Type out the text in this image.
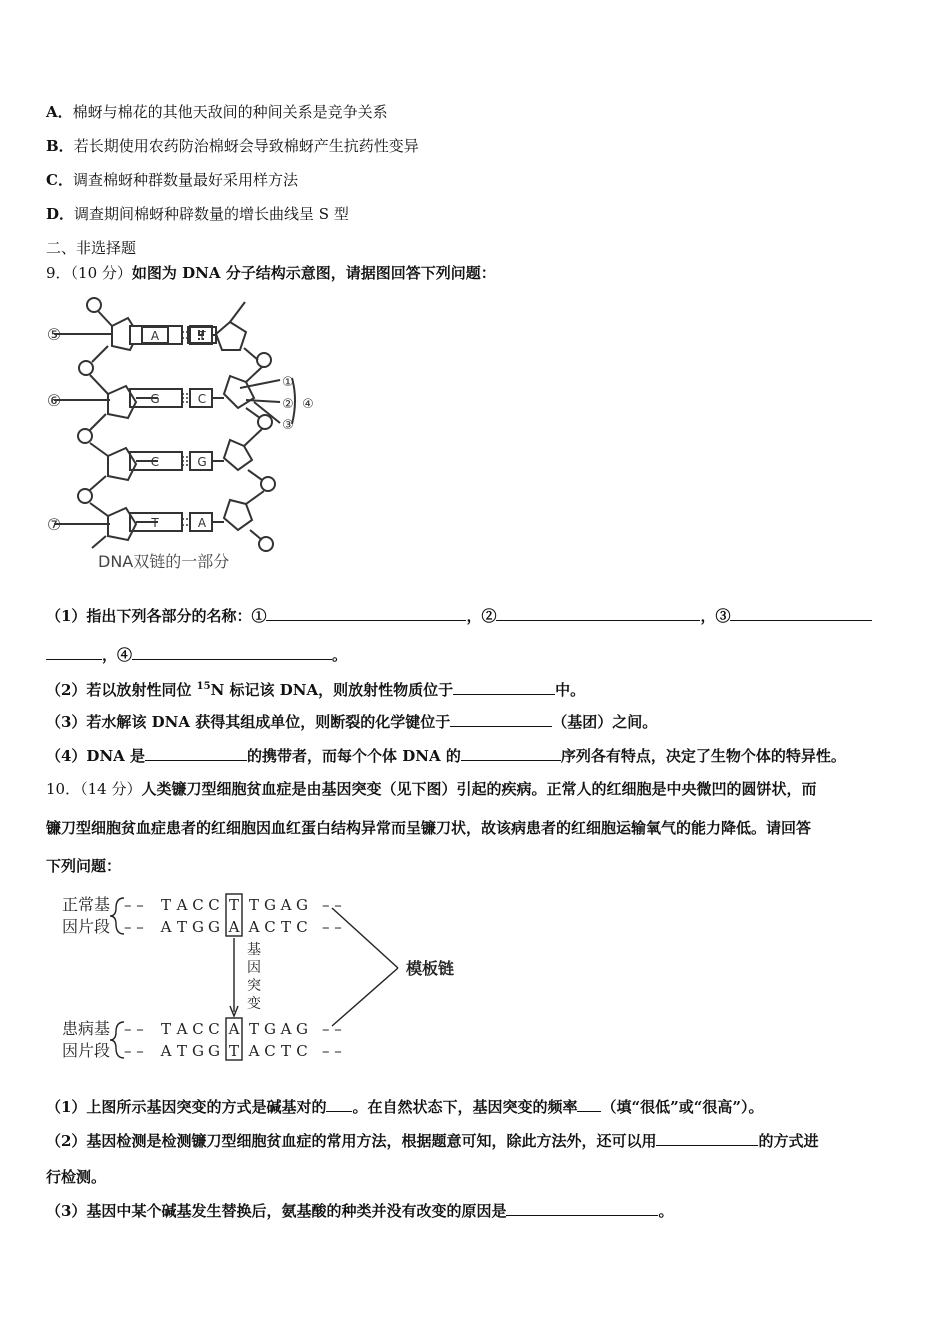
A．棉蚜与棉花的其他天敌间的种间关系是竞争关系
B．若长期使用农药防治棉蚜会导致棉蚜产生抗药性变异
C．调查棉蚜种群数量最好采用样方法
D．调查期间棉蚜种辟数量的增长曲线呈 S 型
二、非选择题
9．（10 分）如图为 DNA 分子结构示意图，请据图回答下列问题：
A	T
G	C
C	G
T	A
⑤
⑥
⑦
①
②
③
④
DNA双链的一部分
（1）指出下列各部分的名称：①	，②	，③
，④	。
（2）若以放射性同位 $^{15}$N 标记该 DNA，则放射性物质位于	中。
（3）若水解该 DNA 获得其组成单位，则断裂的化学键位于	（基团）之间。
（4）DNA 是	的携带者，而每个个体 DNA 的	序列各有特点，决定了生物个体的特异性。
10．（14 分）人类镰刀型细胞贫血症是由基因突变（见下图）引起的疾病。正常人的红细胞是中央微凹的圆饼状，而
镰刀型细胞贫血症患者的红细胞因血红蛋白结构异常而呈镰刀状，故该病患者的红细胞运输氧气的能力降低。请回答
下列问题：
正常基
因片段
患病基
因片段
– –
– –
– –
– –
– –
– –
– –
– –
T A C C T T G A G
A T G G A A C T C
T A C C A T G A G
A T G G T A C T C
基
因
突
变
模板链
（1）上图所示基因突变的方式是碱基对的 。在自然状态下，基因突变的频率 （填“很低”或“很高”）。
（2）基因检测是检测镰刀型细胞贫血症的常用方法，根据题意可知，除此方法外，还可以用	的方式进
行检测。
（3）基因中某个碱基发生替换后，氨基酸的种类并没有改变的原因是	。
